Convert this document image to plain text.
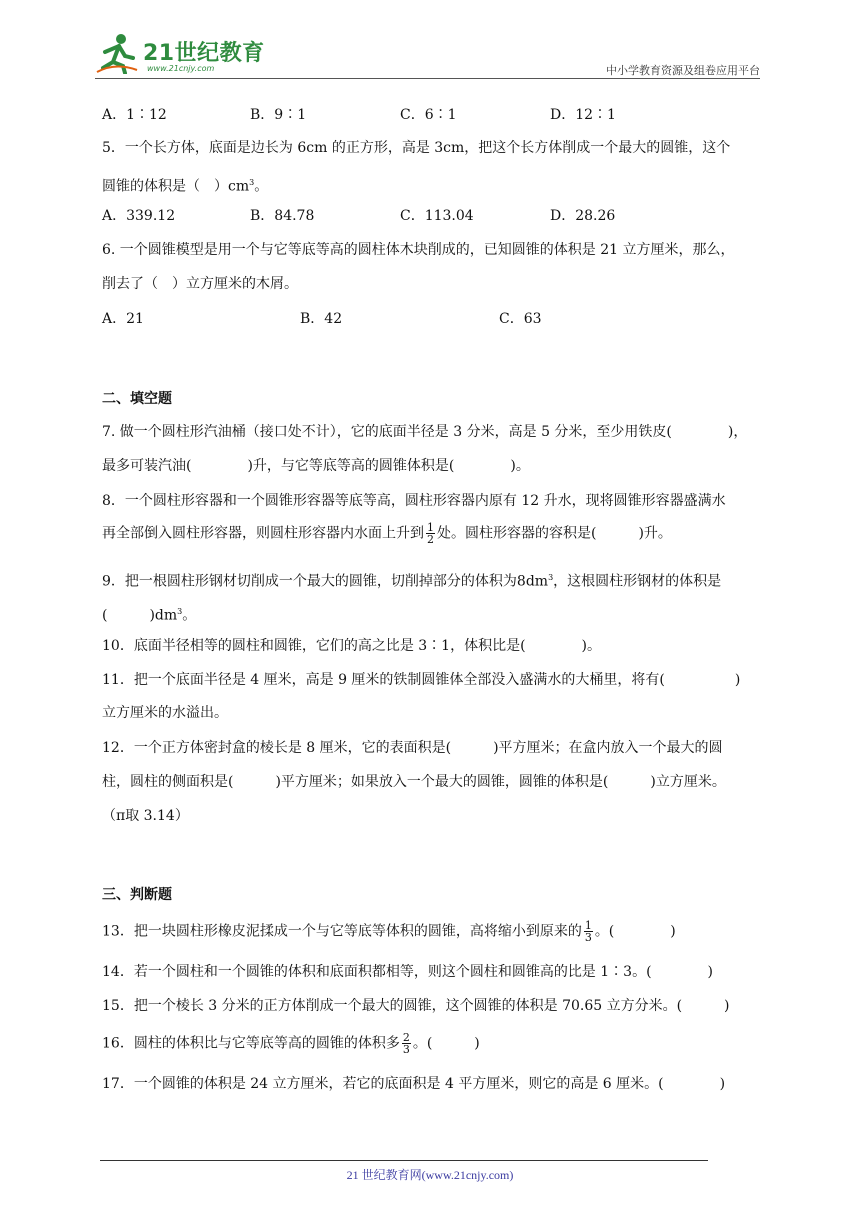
21世纪教育
www.21cnjy.com	中小学教育资源及组卷应用平台
A．1∶12	B．9∶1	C．6∶1	D．12∶1
5．一个长方体，底面是边长为 6cm 的正方形，高是 3cm，把这个长方体削成一个最大的圆锥，这个
圆锥的体积是（　）$cm^3$。
A．339.12	B．84.78	C．113.04	D．28.26
6. 一个圆锥模型是用一个与它等底等高的圆柱体木块削成的，已知圆锥的体积是 21 立方厘米，那么，
削去了（　）立方厘米的木屑。
A．21	B．42	C．63
二、填空题
7. 做一个圆柱形汽油桶（接口处不计），它的底面半径是 3 分米，高是 5 分米，至少用铁皮(　　　　)，
最多可装汽油(　　　　)升，与它等底等高的圆锥体积是(　　　　)。
8．一个圆柱形容器和一个圆锥形容器等底等高，圆柱形容器内原有 12 升水，现将圆锥形容器盛满水
再全部倒入圆柱形容器，则圆柱形容器内水面上升到 $\frac{1}{2}$ 处。圆柱形容器的容积是(　　　)升。
9．把一根圆柱形钢材切削成一个最大的圆锥，切削掉部分的体积为$8dm^3$，这根圆柱形钢材的体积是
(　　　)$dm^3$。
10．底面半径相等的圆柱和圆锥，它们的高之比是 3∶1，体积比是(　　　　)。
11．把一个底面半径是 4 厘米，高是 9 厘米的铁制圆锥体全部没入盛满水的大桶里，将有(　　　　　)
立方厘米的水溢出。
12．一个正方体密封盒的棱长是 8 厘米，它的表面积是(　　　)平方厘米；在盒内放入一个最大的圆
柱，圆柱的侧面积是(　　　)平方厘米；如果放入一个最大的圆锥，圆锥的体积是(　　　)立方厘米。
（π取 3.14）
三、判断题
13．把一块圆柱形橡皮泥揉成一个与它等底等体积的圆锥，高将缩小到原来的 $\frac{1}{3}$ 。(　　　　)
14．若一个圆柱和一个圆锥的体积和底面积都相等，则这个圆柱和圆锥高的比是 1∶3。(　　　　)
15．把一个棱长 3 分米的正方体削成一个最大的圆锥，这个圆锥的体积是 70.65 立方分米。(　　　)
16．圆柱的体积比与它等底等高的圆锥的体积多 $\frac{2}{3}$ 。(　　　)
17．一个圆锥的体积是 24 立方厘米，若它的底面积是 4 平方厘米，则它的高是 6 厘米。(　　　　)
21 世纪教育网(www.21cnjy.com)
